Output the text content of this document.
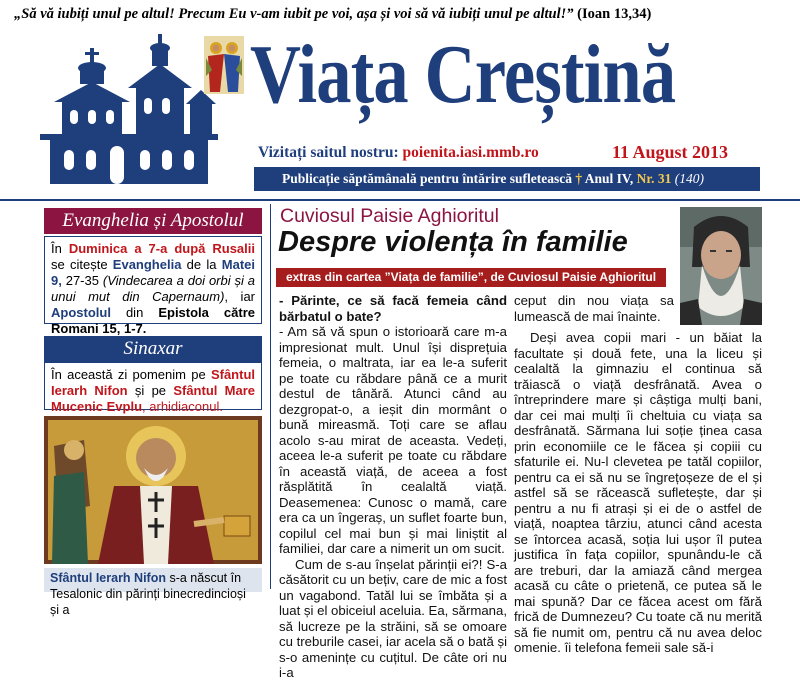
„Să vă iubiți unul pe altul! Precum Eu v-am iubit pe voi, așa și voi să vă iubiți unul pe altul!” (Ioan 13,34)
Viața Creștină
Vizitați saitul nostru: poienita.iasi.mmb.ro	11 August 2013
Publicație săptămânală pentru întărire sufletească † Anul IV, Nr. 31 (140)
Evanghelia și Apostolul
În Duminica a 7-a după Rusalii se citește Evanghelia de la Matei 9, 27-35 (Vindecarea a doi orbi și a unui mut din Capernaum), iar Apostolul din Epistola către Romani 15, 1-7.
Sinaxar
În această zi pomenim pe Sfântul Ierarh Nifon și pe Sfântul Mare Mucenic Evplu, arhidiaconul.
Sfântul Ierarh Nifon s-a născut în Tesalonic din părinți binecredincioși și a
Cuviosul Paisie Aghioritul
Despre violența în familie
extras din cartea ”Viața de familie”, de Cuviosul Paisie Aghioritul

- Părinte, ce să facă femeia când bărbatul o bate?

- Am să vă spun o istorioară care m-a impresionat mult. Unul își disprețuia femeia, o maltrata, iar ea le-a suferit pe toate cu răbdare până ce a murit destul de tânără. Atunci când au dezgropat-o, a ieșit din mormânt o bună mireasmă. Toți care se aflau acolo s-au mirat de aceasta. Vedeți, aceea le-a suferit pe toate cu răbdare în această viață, de aceea a fost răsplătită în cealaltă viață. Deasemenea: Cunosc o mamă, care era ca un îngeraș, un suflet foarte bun, copilul cel mai bun și mai liniștit al familiei, dar care a nimerit un om sucit.

Cum de s-au înșelat părinții ei?! S-a căsătorit cu un bețiv, care de mic a fost un vagabond. Tatăl lui se îmbăta și a luat și el obiceiul aceluia. Ea, sărmana, să lucreze pe la străini, să se omoare cu treburile casei, iar acela să o bată și s-o amenințe cu cuțitul. De câte ori nu i-a

ceput din nou viața sa lumească de mai înainte.

Deși avea copii mari - un băiat la facultate și două fete, una la liceu și cealaltă la gimnaziu el continua să trăiască o viață desfrânată. Avea o întreprindere mare și câștiga mulți bani, dar cei mai mulți îi cheltuia cu viața sa desfrânată. Sărmana lui soție ținea casa prin economiile ce le făcea și copiii cu sfaturile ei. Nu-l clevetea pe tatăl copiilor, pentru ca ei să nu se îngrețoșeze de el și astfel să se răcească sufletește, dar și pentru a nu fi atrași și ei de o astfel de viață, noaptea târziu, atunci când acesta se întorcea acasă, soția lui ușor îl putea justifica în fața copiilor, spunându-le că are treburi, dar la amiază când mergea acasă cu câte o prietenă, ce putea să le mai spună? Dar ce făcea acest om fără frică de Dumnezeu? Cu toate că nu merită să fie numit om, pentru că nu avea deloc omenie. îi telefona femeii sale să-i
